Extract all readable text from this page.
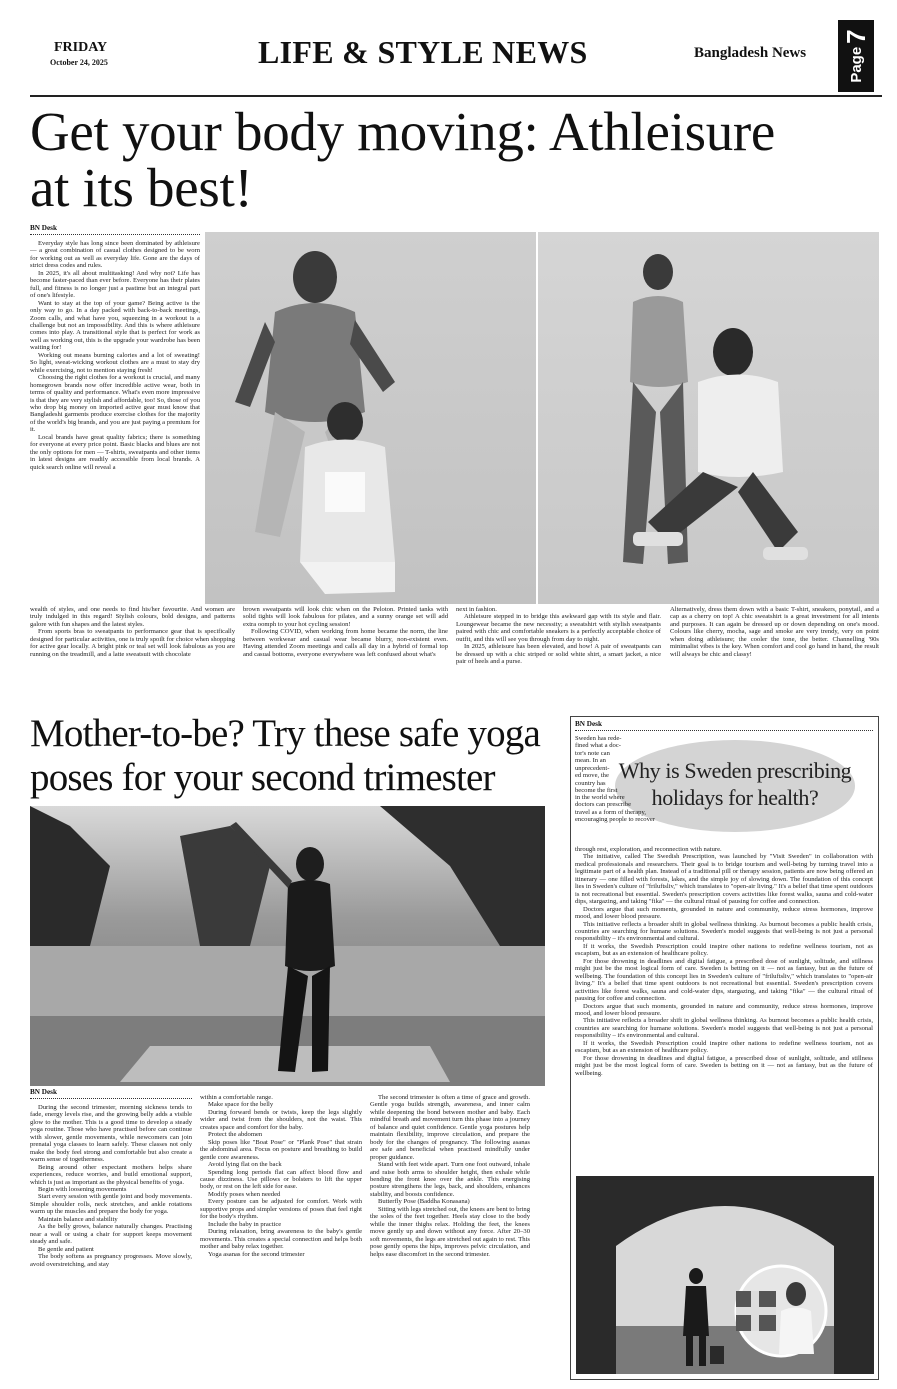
FRIDAY
October 24, 2025	LIFE & STYLE NEWS	Bangladesh News	Page
7
Get your body moving: Athleisure
at its best!
BN Desk

Everyday style has long since been dominated by athleisure — a great combination of casual clothes designed to be worn for working out as well as everyday life. Gone are the days of strict dress codes and rules.

In 2025, it's all about multitasking! And why not? Life has become faster-paced than ever before. Everyone has their plates full, and fitness is no longer just a pastime but an integral part of one's lifestyle.

Want to stay at the top of your game? Being active is the only way to go. In a day packed with back-to-back meetings, Zoom calls, and what have you, squeezing in a workout is a challenge but not an impossibility. And this is where athleisure comes into play. A transitional style that is perfect for work as well as working out, this is the upgrade your wardrobe has been waiting for!

Working out means burning calories and a lot of sweating! So light, sweat-wicking workout clothes are a must to stay dry while exercising, not to mention staying fresh!

Choosing the right clothes for a workout is crucial, and many homegrown brands now offer incredible active wear, both in terms of quality and performance. What's even more impressive is that they are very stylish and affordable, too! So, those of you who drop big money on imported active gear must know that Bangladeshi garments produce exercise clothes for the majority of the world's big brands, and you are just paying a premium for it.

Local brands have great quality fabrics; there is something for everyone at every price point. Basic blacks and blues are not the only options for men — T-shirts, sweatpants and other items in latest designs are readily accessible from local brands. A quick search online will reveal a

wealth of styles, and one needs to find his/her favourite. And women are truly indulged in this regard! Stylish colours, bold designs, and patterns galore with fun shapes and the latest styles.

From sports bras to sweatpants to performance gear that is specifically designed for particular activities, one is truly spoilt for choice when shopping for active gear locally. A bright pink or teal set will look fabulous as you are running on the treadmill, and a latte sweatsuit with chocolate

brown sweatpants will look chic when on the Peloton. Printed tanks with solid tights will look fabulous for pilates, and a sunny orange set will add extra oomph to your hot cycling session!

Following COVID, when working from home became the norm, the line between workwear and casual wear became blurry, non-existent even. Having attended Zoom meetings and calls all day in a hybrid of formal top and casual bottoms, everyone everywhere was left confused about what's

next in fashion.

Athleisure stepped in to bridge this awkward gap with its style and flair. Loungewear became the new necessity; a sweatshirt with stylish sweatpants paired with chic and comfortable sneakers is a perfectly acceptable choice of outfit, and this will see you through from day to night.

In 2025, athleisure has been elevated, and how! A pair of sweatpants can be dressed up with a chic striped or solid white shirt, a smart jacket, a nice pair of heels and a purse.

Alternatively, dress them down with a basic T-shirt, sneakers, ponytail, and a cap as a cherry on top! A chic sweatshirt is a great investment for all intents and purposes. It can again be dressed up or down depending on one's mood. Colours like cherry, mocha, sage and smoke are very trendy, very on point when doing athleisure; the cooler the tone, the better. Channelling '90s minimalist vibes is the key. When comfort and cool go hand in hand, the result will always be chic and classy!

Mother-to-be? Try these safe yoga
poses for your second trimester
BN Desk

During the second trimester, morning sickness tends to fade, energy levels rise, and the growing belly adds a visible glow to the mother. This is a good time to develop a steady yoga routine. Those who have practised before can continue with slower, gentle movements, while newcomers can join prenatal yoga classes to learn safely. These classes not only make the body feel strong and comfortable but also create a warm sense of togetherness.

Being around other expectant mothers helps share experiences, reduce worries, and build emotional support, which is just as important as the physical benefits of yoga.

Begin with loosening movements

Start every session with gentle joint and body movements. Simple shoulder rolls, neck stretches, and ankle rotations warm up the muscles and prepare the body for yoga.

Maintain balance and stability

As the belly grows, balance naturally changes. Practising near a wall or using a chair for support keeps movement steady and safe.

Be gentle and patient

The body softens as pregnancy progresses. Move slowly, avoid overstretching, and stay

within a comfortable range.

Make space for the belly

During forward bends or twists, keep the legs slightly wider and twist from the shoulders, not the waist. This creates space and comfort for the baby.

Protect the abdomen

Skip poses like "Boat Pose" or "Plank Pose" that strain the abdominal area. Focus on posture and breathing to build gentle core awareness.

Avoid lying flat on the back

Spending long periods flat can affect blood flow and cause dizziness. Use pillows or bolsters to lift the upper body, or rest on the left side for ease.

Modify poses when needed

Every posture can be adjusted for comfort. Work with supportive props and simpler versions of poses that feel right for the body's rhythm.

Include the baby in practice

During relaxation, bring awareness to the baby's gentle movements. This creates a special connection and helps both mother and baby relax together.

Yoga asanas for the second trimester

The second trimester is often a time of grace and growth. Gentle yoga builds strength, awareness, and inner calm while deepening the bond between mother and baby. Each mindful breath and movement turn this phase into a journey of balance and quiet confidence. Gentle yoga postures help maintain flexibility, improve circulation, and prepare the body for the changes of pregnancy. The following asanas are safe and beneficial when practised mindfully under proper guidance.

Stand with feet wide apart. Turn one foot outward, inhale and raise both arms to shoulder height, then exhale while bending the front knee over the ankle. This energising posture strengthens the legs, back, and shoulders, enhances stability, and boosts confidence.

Butterfly Pose (Baddha Konasana)

Sitting with legs stretched out, the knees are bent to bring the soles of the feet together. Heels stay close to the body while the inner thighs relax. Holding the feet, the knees move gently up and down without any force. After 20–30 soft movements, the legs are stretched out again to rest. This pose gently opens the hips, improves pelvic circulation, and helps ease discomfort in the second trimester.

BN Desk
Why is Sweden prescribing
holidays for health?
Sweden has rede-
fined what a doc-
tor's note can
mean. In an
unprecedent-
ed move, the
country has
become the first
in the world where
doctors can prescribe
travel as a form of therapy,
encouraging people to recover

through rest, exploration, and reconnection with nature.

The initiative, called The Swedish Prescription, was launched by "Visit Sweden" in collaboration with medical professionals and researchers. Their goal is to bridge tourism and well-being by turning travel into a legitimate part of a health plan. Instead of a traditional pill or therapy session, patients are now being offered an itinerary — one filled with forests, lakes, and the simple joy of slowing down. The foundation of this concept lies in Sweden's culture of "friluftsliv," which translates to "open-air living." It's a belief that time spent outdoors is not recreational but essential. Sweden's prescription covers activities like forest walks, sauna and cold-water dips, stargazing, and taking "fika" — the cultural ritual of pausing for coffee and connection.

Doctors argue that such moments, grounded in nature and community, reduce stress hormones, improve mood, and lower blood pressure.

This initiative reflects a broader shift in global wellness thinking. As burnout becomes a public health crisis, countries are searching for humane solutions. Sweden's model suggests that well-being is not just a personal responsibility – it's environmental and cultural.

If it works, the Swedish Prescription could inspire other nations to redefine wellness tourism, not as escapism, but as an extension of healthcare policy.

For those drowning in deadlines and digital fatigue, a prescribed dose of sunlight, solitude, and stillness might just be the most logical form of care. Sweden is betting on it — not as fantasy, but as the future of wellbeing. The foundation of this concept lies in Sweden's culture of "friluftsliv," which translates to "open-air living." It's a belief that time spent outdoors is not recreational but essential. Sweden's prescription covers activities like forest walks, sauna and cold-water dips, stargazing, and taking "fika" — the cultural ritual of pausing for coffee and connection.

Doctors argue that such moments, grounded in nature and community, reduce stress hormones, improve mood, and lower blood pressure.

This initiative reflects a broader shift in global wellness thinking. As burnout becomes a public health crisis, countries are searching for humane solutions. Sweden's model suggests that well-being is not just a personal responsibility – it's environmental and cultural.

If it works, the Swedish Prescription could inspire other nations to redefine wellness tourism, not as escapism, but as an extension of healthcare policy.

For those drowning in deadlines and digital fatigue, a prescribed dose of sunlight, solitude, and stillness might just be the most logical form of care. Sweden is betting on it — not as fantasy, but as the future of wellbeing.
